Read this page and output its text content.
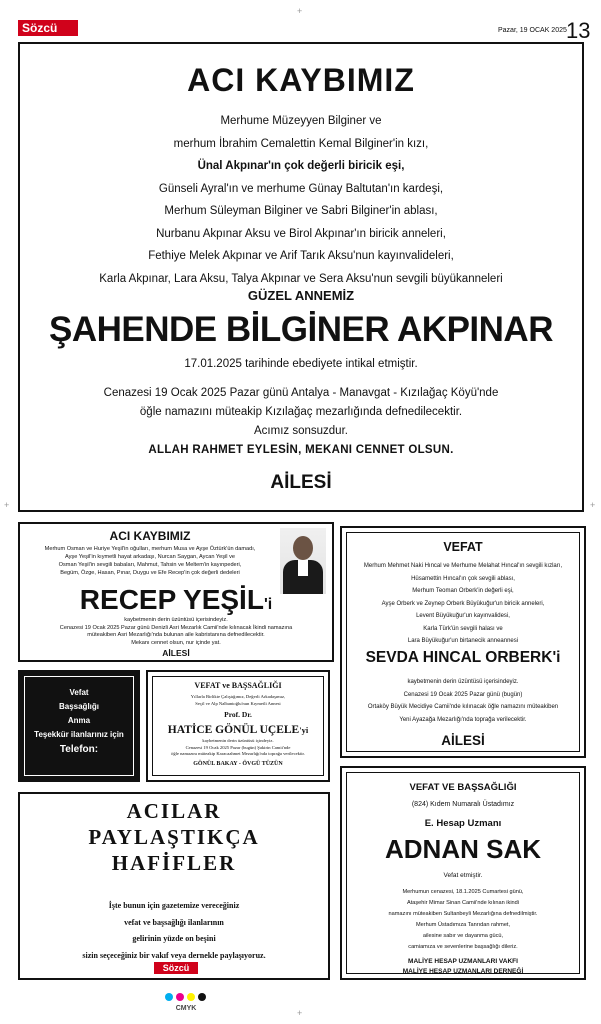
Sözcü	Pazar, 19 OCAK 2025 13
+
+
+	+
ACI KAYBIMIZ
Merhume Müzeyyen Bilginer ve
merhum İbrahim Cemalettin Kemal Bilginer'in kızı,
Ünal Akpınar'ın çok değerli biricik eşi,
Günseli Ayral'ın ve merhume Günay Baltutan'ın kardeşi,
Merhum Süleyman Bilginer ve Sabri Bilginer'in ablası,
Nurbanu Akpınar Aksu ve Birol Akpınar'ın biricik anneleri,
Fethiye Melek Akpınar ve Arif Tarık Aksu'nun kayınvalideleri,
Karla Akpınar, Lara Aksu, Talya Akpınar ve Sera Aksu'nun sevgili büyükanneleri
GÜZEL ANNEMİZ
ŞAHENDE BİLGİNER AKPINAR
17.01.2025 tarihinde ebediyete intikal etmiştir.
Cenazesi 19 Ocak 2025 Pazar günü Antalya - Manavgat - Kızılağaç Köyü'nde
öğle namazını müteakip Kızılağaç mezarlığında defnedilecektir.
Acımız sonsuzdur.
ALLAH RAHMET EYLESİN, MEKANI CENNET OLSUN.
AİLESİ
ACI KAYBIMIZ
Merhum Osman ve Huriye Yeşil'in oğulları, merhum Musa ve Ayşe Öztürk'ün damadı,
Ayşe Yeşil'in kıymetli hayat arkadaşı, Nurcan Saygan, Aycan Yeşil ve
Osman Yeşil'in sevgili babaları, Mahmut, Tahsin ve Meltem'in kayınpederi,
Begüm, Özge, Hasan, Pınar, Duygu ve Efe Recep'in çok değerli dedeleri
RECEP YEŞİL'i
kaybetmenin derin üzüntüsü içerisindeyiz.
Cenazesi 19 Ocak 2025 Pazar günü Denizli Asri Mezarlık Camii'nde kılınacak İkindi namazına
müteakiben Asri Mezarlığı'nda bulunan aile kabristanına defnedilecektir.
Mekanı cennet olsun, nur içinde yat.
AİLESİ
VEFAT
Merhum Mehmet Naki Hıncal ve Merhume Melahat Hıncal'ın sevgili kızları,
Hüsamettin Hıncal'ın çok sevgili ablası,
Merhum Teoman Orberk'in değerli eşi,
Ayşe Orberk ve Zeynep Orberk Büyükuğur'un biricik anneleri,
Levent Büyükuğur'un kayınvalidesi,
Karla Türk'ün sevgili halası ve
Lara Büyükuğur'un birtanecik anneannesi
SEVDA HINCAL ORBERK'i
kaybetmenin derin üzüntüsü içerisindeyiz.
Cenazesi 19 Ocak 2025 Pazar günü (bugün)
Ortaköy Büyük Mecidiye Camii'nde kılınacak öğle namazını müteakiben
Yeni Ayazağa Mezarlığı'nda toprağa verilecektir.
AİLESİ
Vefat
Başsağlığı
Anma
Teşekkür ilanlarınız için
Telefon:
VEFAT ve BAŞSAĞLIĞI
Yıllarla Birlikte Çalıştığımız, Değerli Arkadaşımız,
Seçil ve Alp Nalbantoğlu'nun Kıymetli Annesi
Prof. Dr.
HATİCE GÖNÜL UÇELE'yi
kaybetmenin derin üzüntüsü içindeyiz.
Cenazesi 19 Ocak 2025 Pazar (bugün) Şakirin Camii'nde
öğle namazını müteakip Karacaahmet Mezarlığı'nda toprağa verilecektir.
GÖNÜL BAKAY - ÖVGÜ TÜZÜN
ACILAR
PAYLAŞTIKÇA
HAFİFLER
İşte bunun için gazetemize vereceğiniz
vefat ve başsağlığı ilanlarının
gelirinin yüzde on beşini
sizin seçeceğiniz bir vakıf veya dernekle paylaşıyoruz.
Sözcü
VEFAT VE BAŞSAĞLIĞI
(824) Kıdem Numaralı Üstadımız
E. Hesap Uzmanı
ADNAN SAK
Vefat etmiştir.
Merhumun cenazesi, 18.1.2025 Cumartesi günü,
Ataşehir Mimar Sinan Camii'nde kılınan ikindi
namazını müteakiben Sultanbeyli Mezarlığına defnedilmiştir.
Merhum Üstadımıza Tanrıdan rahmet,
ailesine sabır ve dayanma gücü,
camiamıza ve sevenlerine başsağlığı dileriz.
MALİYE HESAP UZMANLARI VAKFI
MALİYE HESAP UZMANLARI DERNEĞİ
CMYK
